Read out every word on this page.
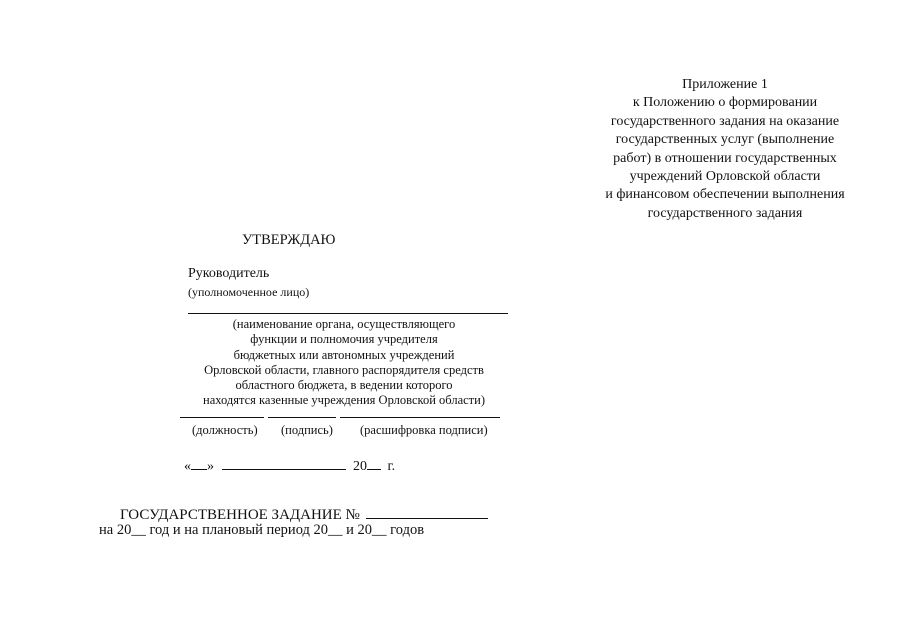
Приложение 1
к Положению о формировании
государственного задания на оказание
государственных услуг (выполнение
работ) в отношении государственных
учреждений Орловской области
и финансовом обеспечении выполнения
государственного задания
УТВЕРЖДАЮ
Руководитель
(уполномоченное лицо)
(наименование органа, осуществляющего
функции и полномочия учредителя
бюджетных или автономных учреждений
Орловской области, главного распорядителя средств
областного бюджета, в ведении которого
находятся казенные учреждения Орловской области)
(должность) (подпись) (расшифровка подписи)
« »	20 г.
ГОСУДАРСТВЕННОЕ ЗАДАНИЕ №
на 20__ год и на плановый период 20__ и 20__ годов
